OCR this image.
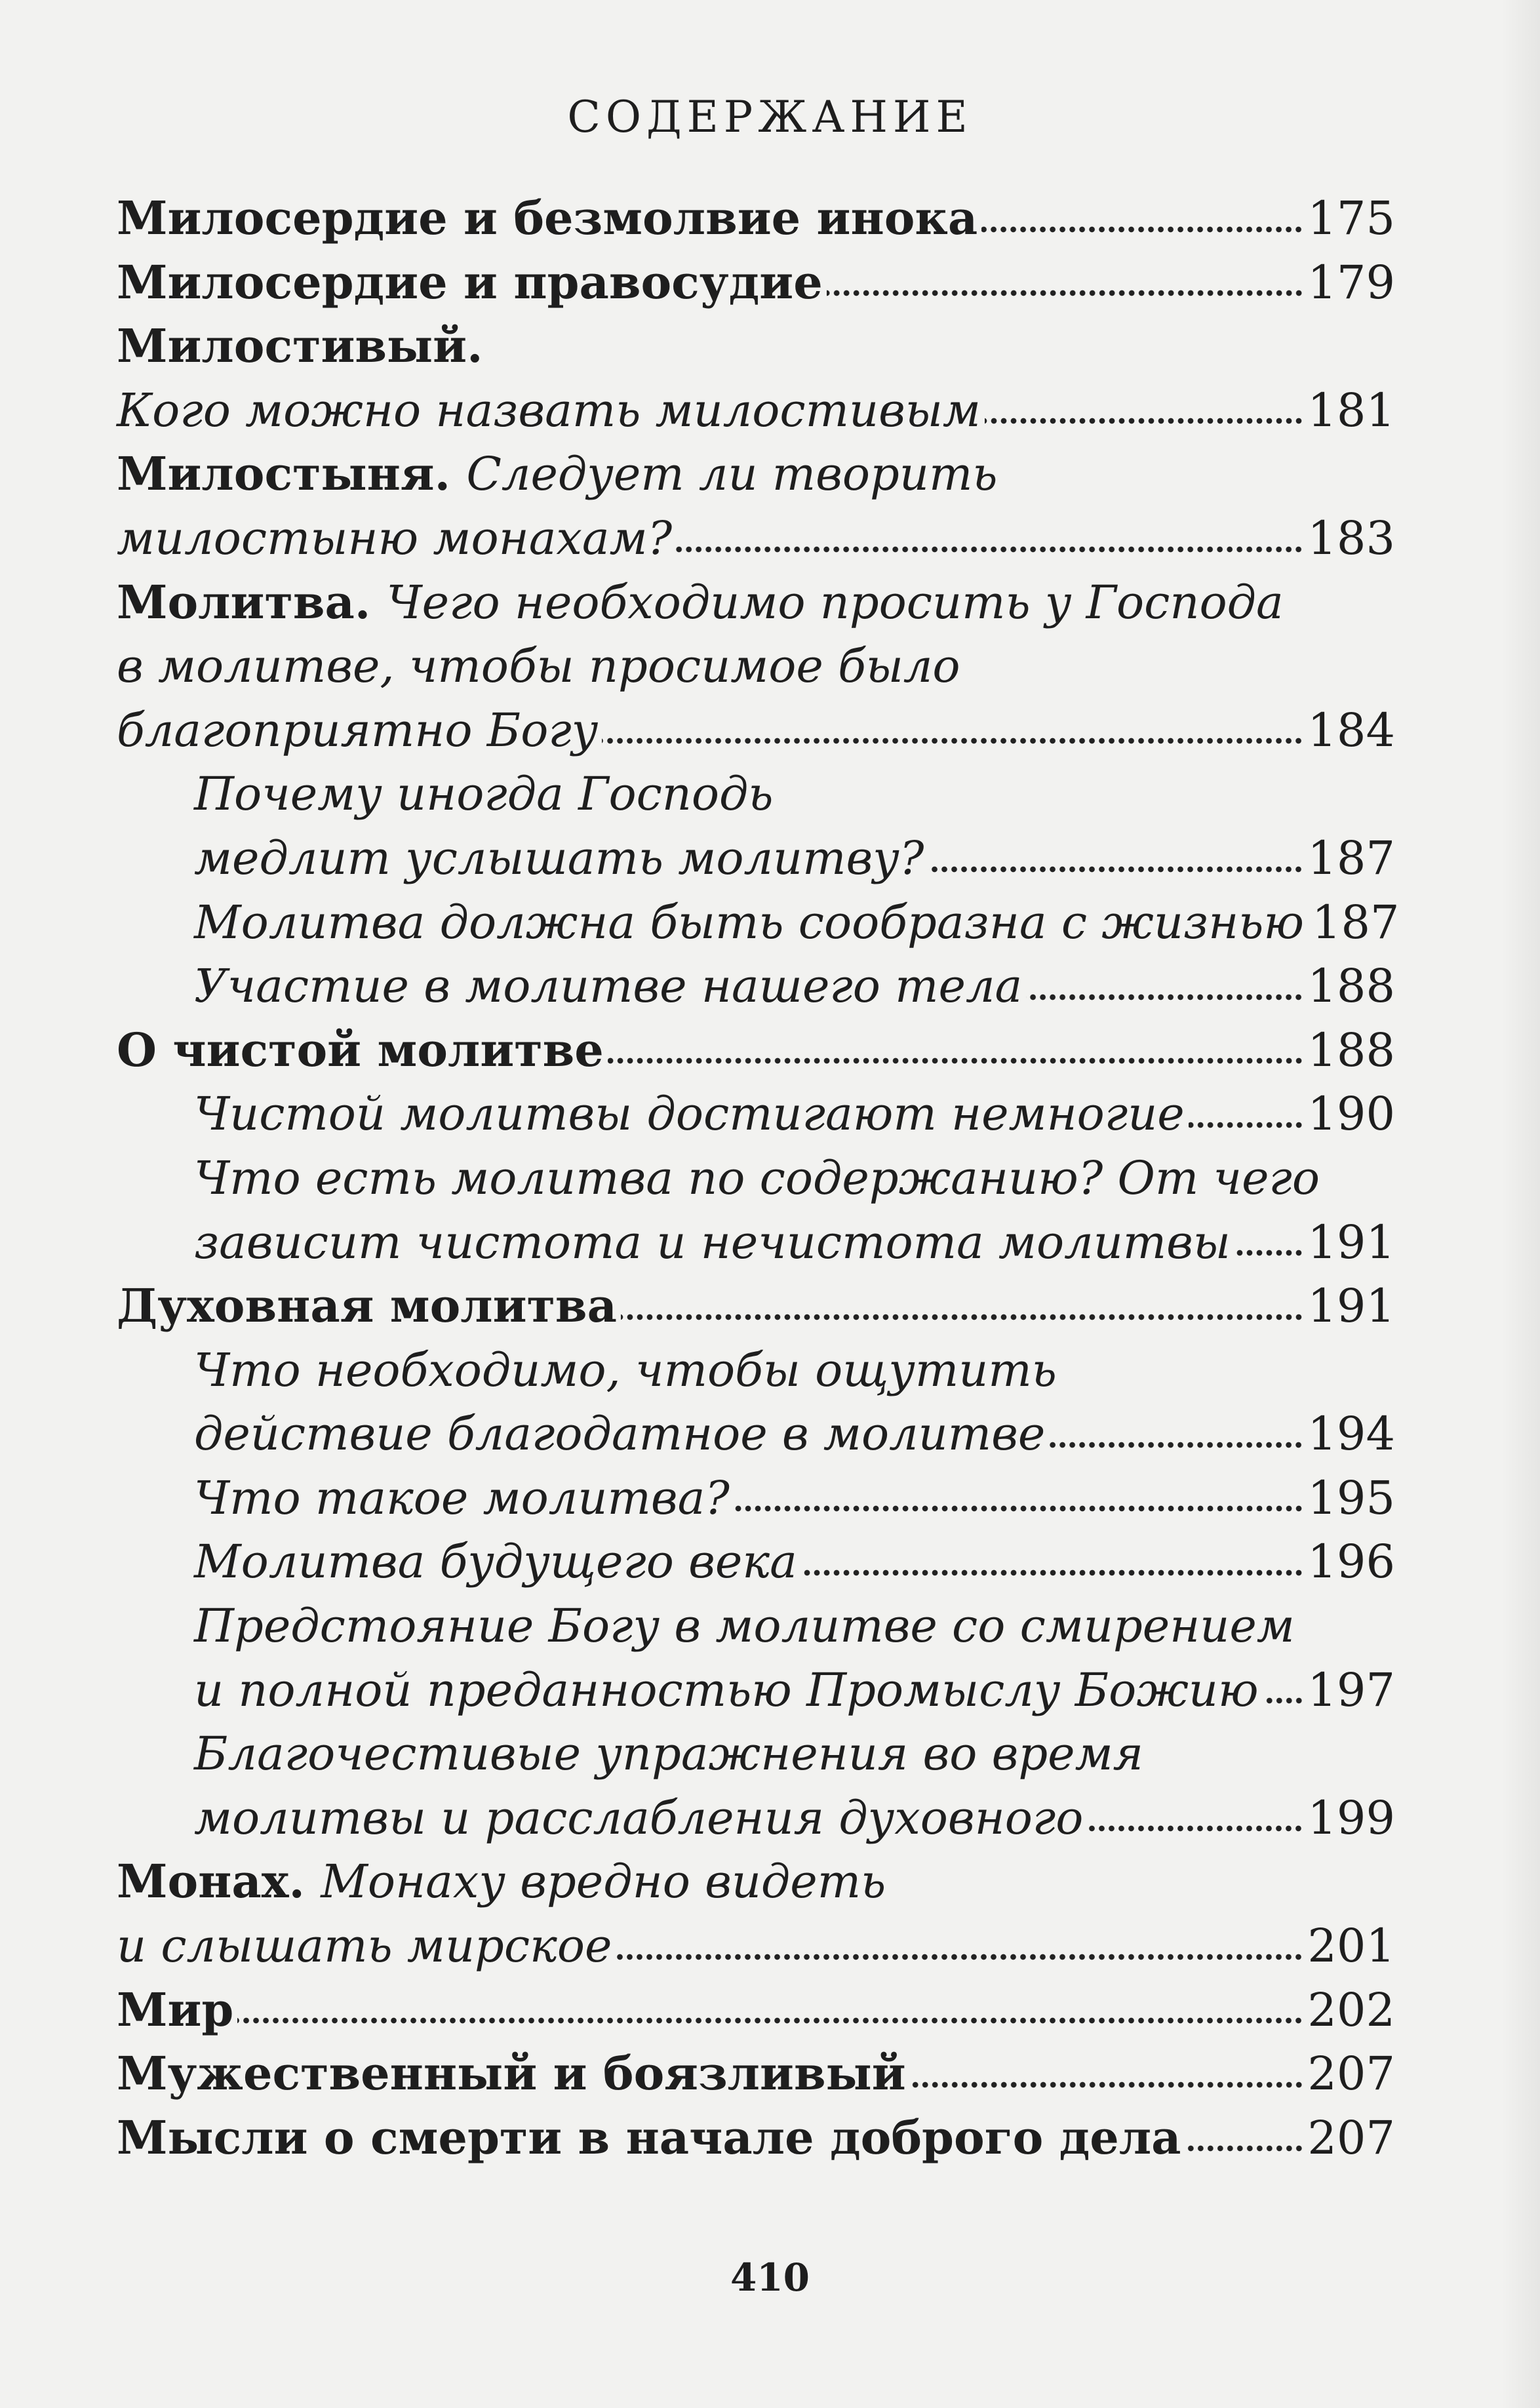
СОДЕРЖАНИЕ
Милосердие и безмолвие инока	175
Милосердие и правосудие	179
Милостивый.
Кого можно назвать милостивым	181
Милостыня. Следует ли творить
милостыню монахам?	183
Молитва. Чего необходимо просить у Господа
в молитве, чтобы просимое было
благоприятно Богу	184
Почему иногда Господь
медлит услышать молитву?	187
Молитва должна быть сообразна с жизнью 187
Участие в молитве нашего тела	188
О чистой молитве	188
Чистой молитвы достигают немногие	190
Что есть молитва по содержанию? От чего
зависит чистота и нечистота молитвы 191
Духовная молитва	191
Что необходимо, чтобы ощутить
действие благодатное в молитве	194
Что такое молитва?	195
Молитва будущего века	196
Предстояние Богу в молитве со смирением
и полной преданностью Промыслу Божию 197
Благочестивые упражнения во время
молитвы и расслабления духовного	199
Монах. Монаху вредно видеть
и слышать мирское	201
Мир	202
Мужественный и боязливый	207
Мысли о смерти в начале доброго дела	207
410
